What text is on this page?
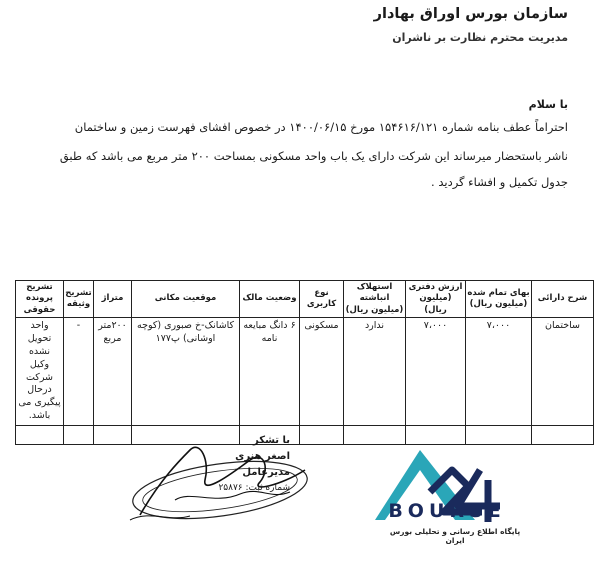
سازمان بورس اوراق بهادار
مدیریت محترم نظارت بر ناشران
با سلام
احتراماً عطف بنامه شماره ۱۵۴۶۱۶/۱۲۱ مورخ ۱۴۰۰/۰۶/۱۵ در خصوص افشای فهرست زمین و ساختمان
ناشر باستحضار میرساند این شرکت دارای یک باب واحد مسکونی بمساحت ۲۰۰ متر مربع می باشد که طبق
جدول تکمیل و افشاء گردید .
شرح دارائی	بهای تمام شده (میلیون ریال)	ارزش دفتری (میلیون ریال)	استهلاک انباشته (میلیون ریال)	نوع کاربری	وضعیت مالک	موقعیت مکانی	متراژ	تشریح وثیقه	تشریح پرونده حقوقی
ساختمان	۷،۰۰۰	۷،۰۰۰	ندارد	مسکونی	۶ دانگ مبایعه نامه	کاشانک-خ صبوری (کوچه اوشانی) پ۱۷۷	۲۰۰متر مربع	-	واحد تحویل نشده وکیل شرکت درحال پیگیری می باشد.

با تشکر
اصغر هنری
مدیرعامل
شماره ثبت: ۲۵۸۷۶
BOURSE
پایگاه اطلاع رسانی و تحلیلی بورس ایران
